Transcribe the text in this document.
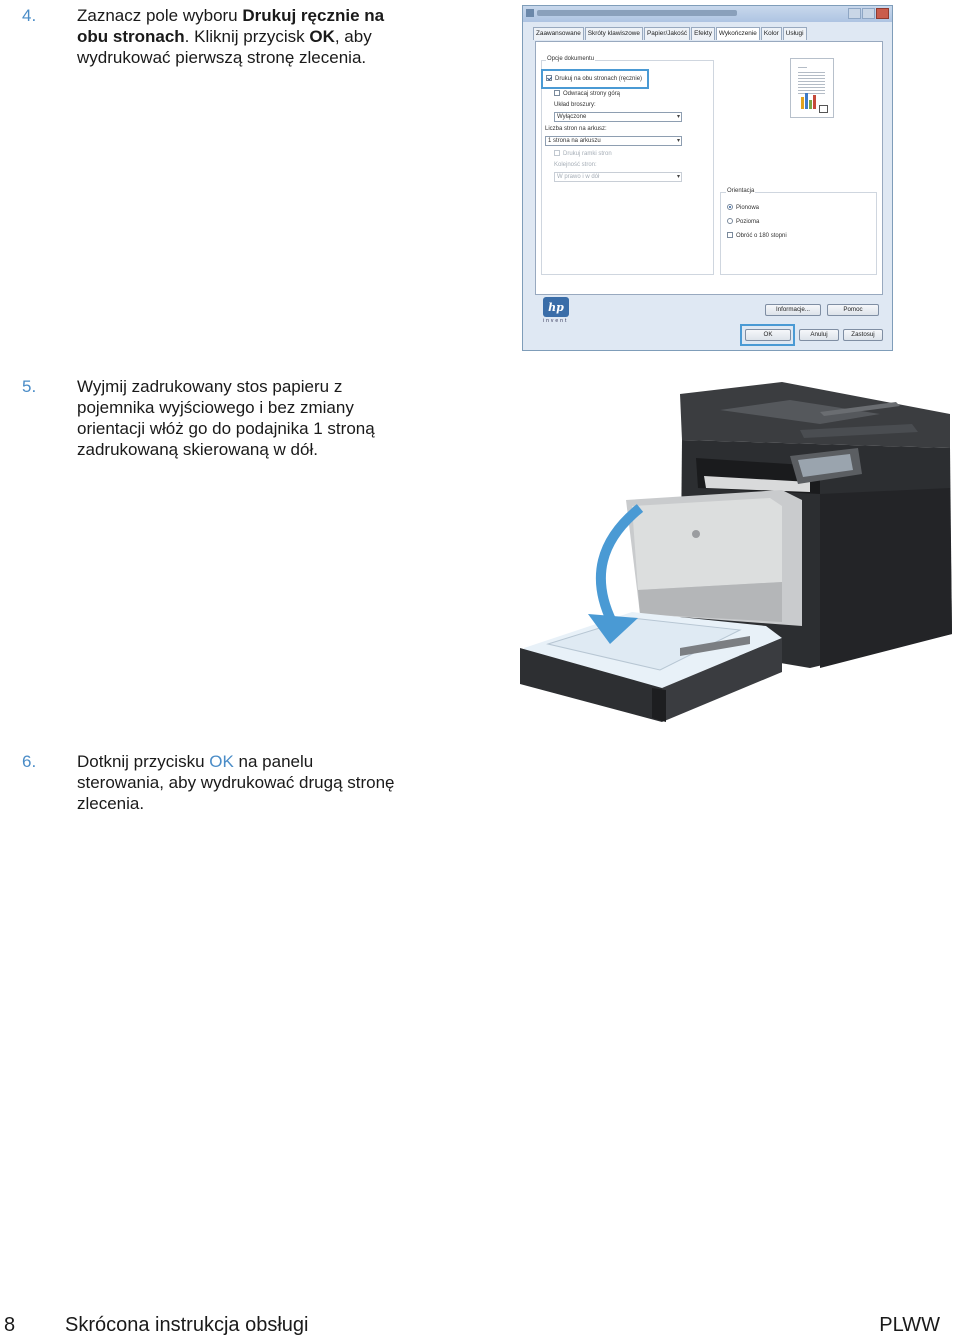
4. Zaznacz pole wyboru Drukuj ręcznie na
obu stronach. Kliknij przycisk OK, aby
wydrukować pierwszą stronę zlecenia.
Zaawansowane Skróty klawiszowe Papier/Jakość Efekty Wykończenie Kolor Usługi
Opcje dokumentu
Drukuj na obu stronach (ręcznie)
Odwracaj strony górą
Układ broszury:
Wyłączone ▾
Liczba stron na arkusz:
1 strona na arkuszu ▾
Drukuj ramki stron
Kolejność stron:
W prawo i w dół ▾
Orientacja
Pionowa
Pozioma
Obróć o 180 stopni
hp
invent
Informacje...	Pomoc
OK	Anuluj	Zastosuj
5. Wyjmij zadrukowany stos papieru z
pojemnika wyjściowego i bez zmiany
orientacji włóż go do podajnika 1 stroną
zadrukowaną skierowaną w dół.
6. Dotknij przycisku OK na panelu
sterowania, aby wydrukować drugą stronę
zlecenia.
8 Skrócona instrukcja obsługi	PLWW
